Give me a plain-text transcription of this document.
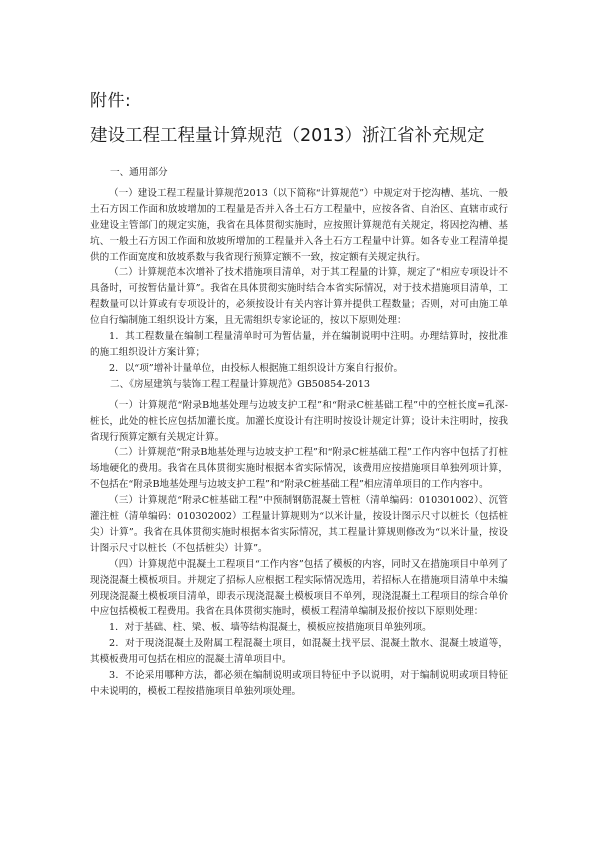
附件:
建设工程工程量计算规范（2013）浙江省补充规定

一、通用部分

（一）建设工程工程量计算规范2013（以下简称“计算规范”）中规定对于挖沟槽、基坑、一般土石方因工作面和放坡增加的工程量是否并入各土石方工程量中，应按各省、自治区、直辖市或行业建设主管部门的规定实施，我省在具体贯彻实施时，应按照计算规范有关规定，将因挖沟槽、基坑、一般土石方因工作面和放坡所增加的工程量并入各土石方工程量中计算。如各专业工程清单提供的工作面宽度和放坡系数与我省现行预算定额不一致，按定额有关规定执行。

（二）计算规范本次增补了技术措施项目清单，对于其工程量的计算，规定了“相应专项设计不具备时，可按暂估量计算”。我省在具体贯彻实施时结合本省实际情况，对于技术措施项目清单，工程数量可以计算或有专项设计的，必须按设计有关内容计算并提供工程数量；否则，对可由施工单位自行编制施工组织设计方案，且无需组织专家论证的，按以下原则处理：

1．其工程数量在编制工程量清单时可为暂估量，并在编制说明中注明。办理结算时，按批准的施工组织设计方案计算；

2．以“项”增补计量单位，由投标人根据施工组织设计方案自行报价。

二、《房屋建筑与装饰工程工程量计算规范》GB50854-2013

（一）计算规范“附录B地基处理与边坡支护工程”和“附录C桩基础工程”中的空桩长度=孔深-桩长，此处的桩长应包括加灌长度。加灌长度设计有注明时按设计规定计算；设计未注明时，按我省现行预算定额有关规定计算。

（二）计算规范“附录B地基处理与边坡支护工程”和“附录C桩基础工程”工作内容中包括了打桩场地硬化的费用。我省在具体贯彻实施时根据本省实际情况，该费用应按措施项目单独列项计算，不包括在“附录B地基处理与边坡支护工程”和“附录C桩基础工程”相应清单项目的工作内容中。

（三）计算规范“附录C桩基础工程”中预制钢筋混凝土管桩（清单编码：010301002）、沉管灌注桩（清单编码：010302002）工程量计算规则为“以米计量，按设计图示尺寸以桩长（包括桩尖）计算”。我省在具体贯彻实施时根据本省实际情况，其工程量计算规则修改为“以米计量，按设计图示尺寸以桩长（不包括桩尖）计算”。

（四）计算规范中混凝土工程项目“工作内容”包括了模板的内容，同时又在措施项目中单列了现浇混凝土模板项目。并规定了招标人应根据工程实际情况选用，若招标人在措施项目清单中未编列现浇混凝土模板项目清单，即表示现浇混凝土模板项目不单列，现浇混凝土工程项目的综合单价中应包括模板工程费用。我省在具体贯彻实施时，模板工程清单编制及报价按以下原则处理：

1．对于基础、柱、梁、板、墙等结构混凝土，模板应按措施项目单独列项。

2．对于現浇混凝土及附属工程混凝土项目，如混凝土找平层、混凝土散水、混凝土坡道等，其模板费用可包括在相应的混凝土清单项目中。

3．不论采用哪种方法，都必须在编制说明或项目特征中予以说明，对于编制说明或项目特征中未说明的，模板工程按措施项目单独列项处理。
